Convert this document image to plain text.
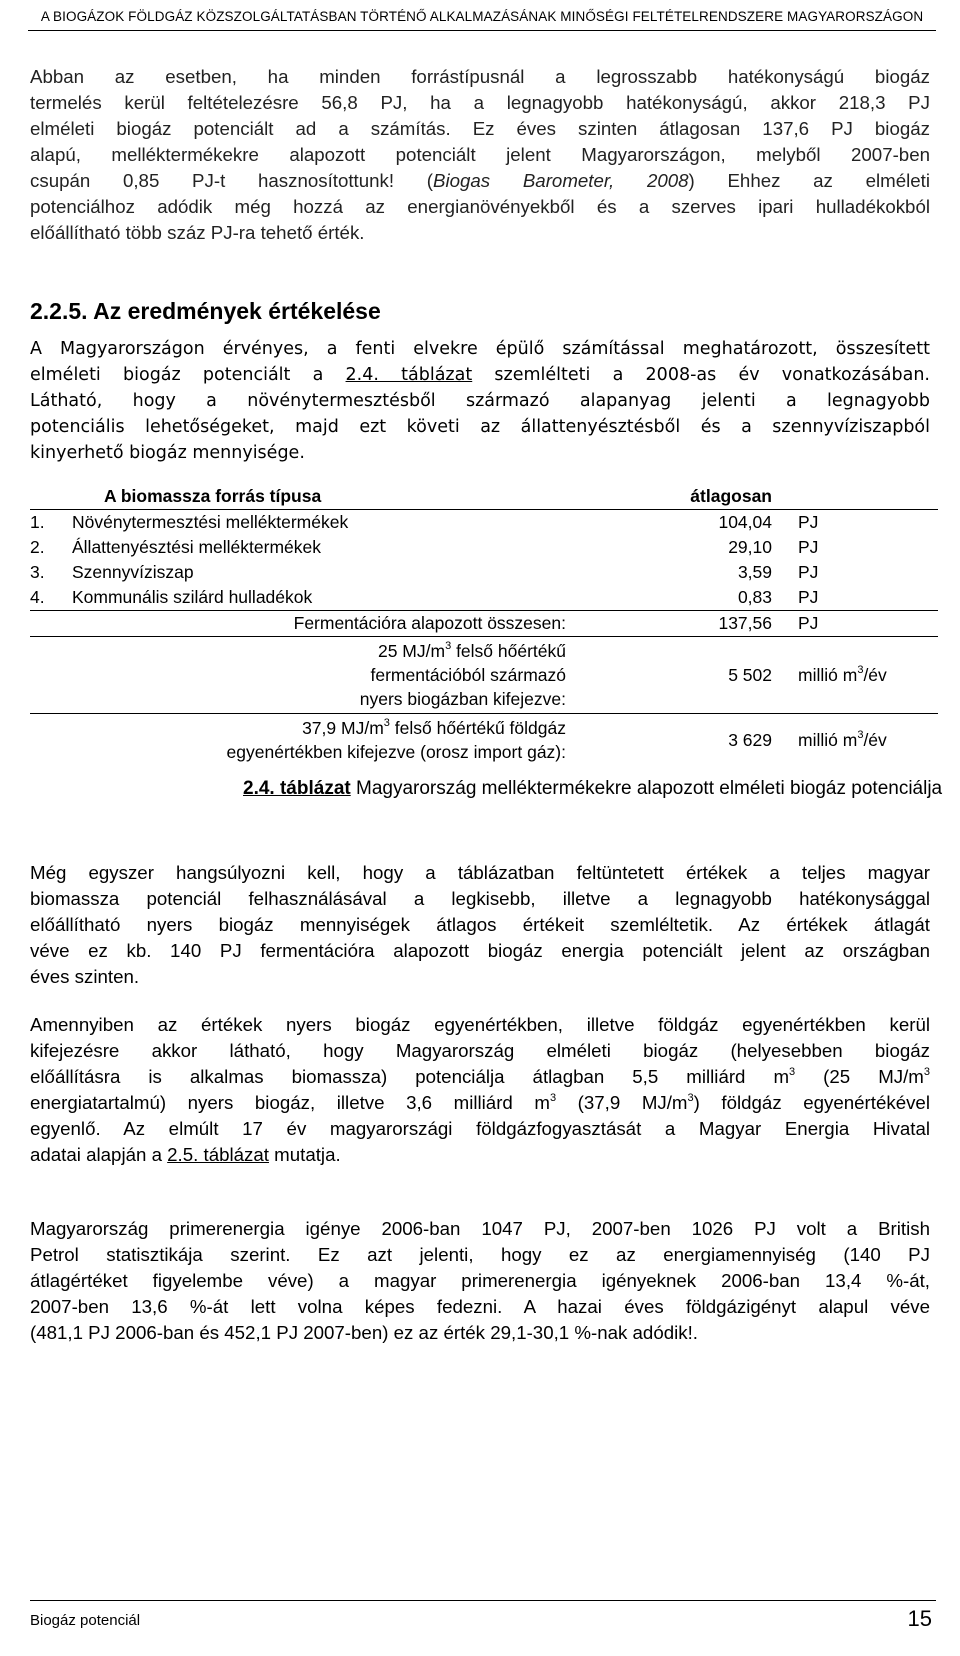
A BIOGÁZOK FÖLDGÁZ KÖZSZOLGÁLTATÁSBAN TÖRTÉNŐ ALKALMAZÁSÁNAK MINŐSÉGI FELTÉTELRENDSZERE MAGYARORSZÁGON
Abban az esetben, ha minden forrástípusnál a legrosszabb hatékonyságú biogáz
termelés kerül feltételezésre 56,8 PJ, ha a legnagyobb hatékonyságú, akkor 218,3 PJ
elméleti biogáz potenciált ad a számítás. Ez éves szinten átlagosan 137,6 PJ biogáz
alapú, melléktermékekre alapozott potenciált jelent Magyarországon, melyből 2007-ben
csupán 0,85 PJ-t hasznosítottunk! (Biogas Barometer, 2008) Ehhez az elméleti
potenciálhoz adódik még hozzá az energianövényekből és a szerves ipari hulladékokból
előállítható több száz PJ-ra tehető érték.
2.2.5. Az eredmények értékelése
A Magyarországon érvényes, a fenti elvekre épülő számítással meghatározott, összesített
elméleti biogáz potenciált a 2.4. táblázat szemlélteti a 2008-as év vonatkozásában.
Látható, hogy a növénytermesztésből származó alapanyag jelenti a legnagyobb
potenciális lehetőségeket, majd ezt követi az állattenyésztésből és a szennyvíziszapból
kinyerhető biogáz mennyisége.
	A biomassza forrás típusa	átlagosan	
1.	Növénytermesztési melléktermékek	104,04	PJ
2.	Állattenyésztési melléktermékek	29,10	PJ
3.	Szennyvíziszap	3,59	PJ
4.	Kommunális szilárd hulladékok	0,83	PJ
	Fermentációra alapozott összesen:	137,56	PJ
	25 $MJ/m^3$ felső hőértékű
fermentációból származó
nyers biogázban kifejezve:	5 502	millió $m^3/év$
	37,9 $MJ/m^3$ felső hőértékű földgáz
egyenértékben kifejezve (orosz import gáz):	3 629	millió $m^3/év$
2.4. táblázat Magyarország melléktermékekre alapozott elméleti biogáz potenciálja
Még egyszer hangsúlyozni kell, hogy a táblázatban feltüntetett értékek a teljes magyar
biomassza potenciál felhasználásával a legkisebb, illetve a legnagyobb hatékonysággal
előállítható nyers biogáz mennyiségek átlagos értékeit szemléltetik. Az értékek átlagát
véve ez kb. 140 PJ fermentációra alapozott biogáz energia potenciált jelent az országban
éves szinten.
Amennyiben az értékek nyers biogáz egyenértékben, illetve földgáz egyenértékben kerül
kifejezésre akkor látható, hogy Magyarország elméleti biogáz (helyesebben biogáz
előállításra is alkalmas biomassza) potenciálja átlagban 5,5 milliárd $m^3$ (25 $MJ/m^3$
energiatartalmú) nyers biogáz, illetve 3,6 milliárd $m^3$ (37,9 $MJ/m^3$) földgáz egyenértékével
egyenlő. Az elmúlt 17 év magyarországi földgázfogyasztását a Magyar Energia Hivatal
adatai alapján a 2.5. táblázat mutatja.
Magyarország primerenergia igénye 2006-ban 1047 PJ, 2007-ben 1026 PJ volt a British
Petrol statisztikája szerint. Ez azt jelenti, hogy ez az energiamennyiség (140 PJ
átlagértéket figyelembe véve) a magyar primerenergia igényeknek 2006-ban 13,4 %-át,
2007-ben 13,6 %-át lett volna képes fedezni. A hazai éves földgázigényt alapul véve
(481,1 PJ 2006-ban és 452,1 PJ 2007-ben) ez az érték 29,1-30,1 %-nak adódik!.
Biogáz potenciál	15
